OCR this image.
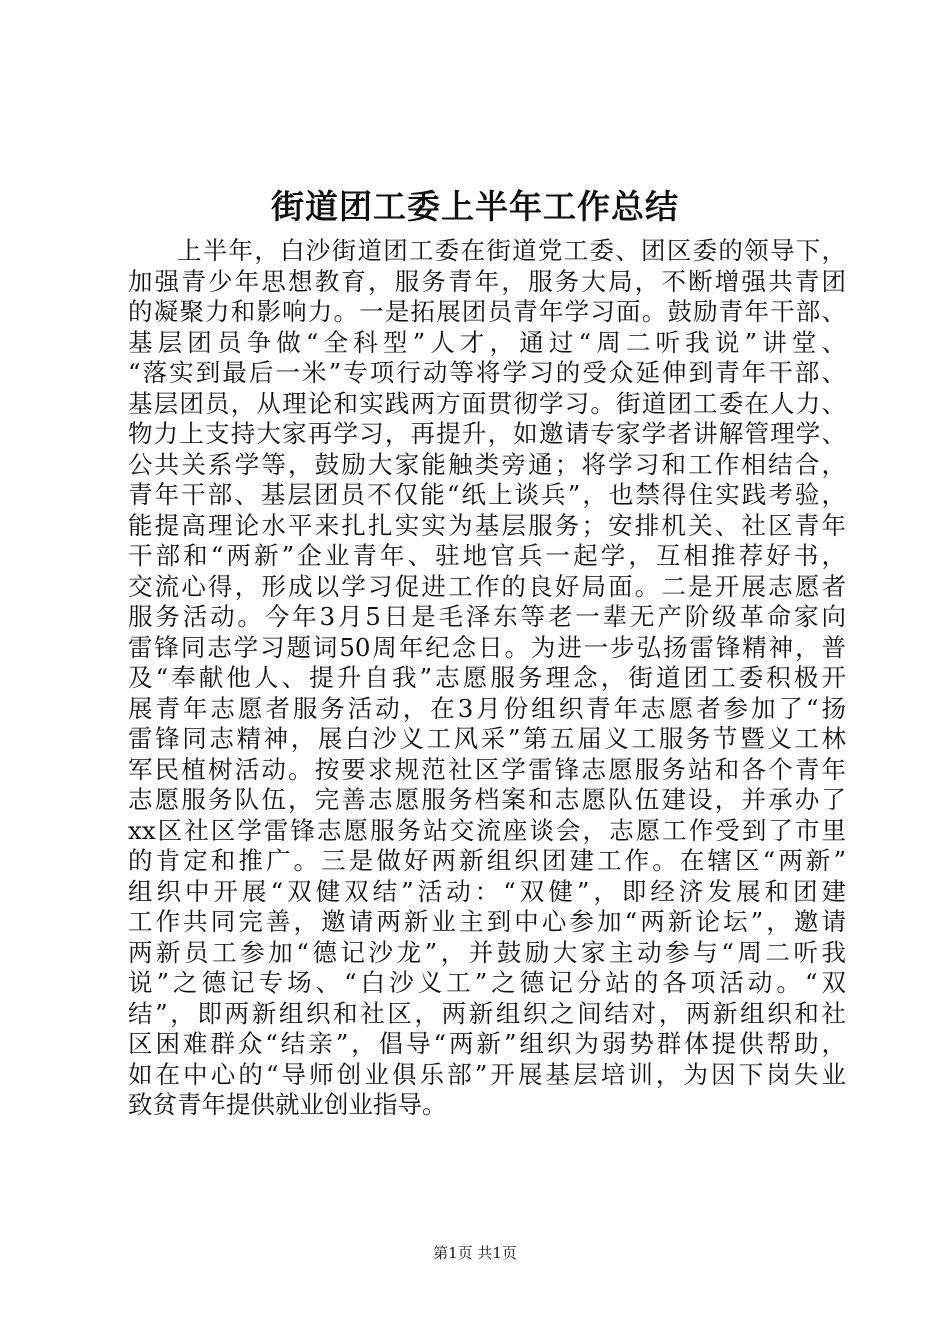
街道团工委上半年工作总结
上半年，白沙街道团工委在街道党工委、团区委的领导下，
加强青少年思想教育，服务青年，服务大局，不断增强共青团
的凝聚力和影响力。一是拓展团员青年学习面。鼓励青年干部、
基层团员争做“全科型”人才，通过“周二听我说”讲堂、
“落实到最后一米”专项行动等将学习的受众延伸到青年干部、
基层团员，从理论和实践两方面贯彻学习。街道团工委在人力、
物力上支持大家再学习，再提升，如邀请专家学者讲解管理学、
公共关系学等，鼓励大家能触类旁通；将学习和工作相结合，
青年干部、基层团员不仅能“纸上谈兵”，也禁得住实践考验，
能提高理论水平来扎扎实实为基层服务；安排机关、社区青年
干部和“两新”企业青年、驻地官兵一起学，互相推荐好书，
交流心得，形成以学习促进工作的良好局面。二是开展志愿者
服务活动。今年3月5日是毛泽东等老一辈无产阶级革命家向
雷锋同志学习题词50周年纪念日。为进一步弘扬雷锋精神，普
及“奉献他人、提升自我”志愿服务理念，街道团工委积极开
展青年志愿者服务活动，在3月份组织青年志愿者参加了“扬
雷锋同志精神，展白沙义工风采”第五届义工服务节暨义工林
军民植树活动。按要求规范社区学雷锋志愿服务站和各个青年
志愿服务队伍，完善志愿服务档案和志愿队伍建设，并承办了
xx区社区学雷锋志愿服务站交流座谈会，志愿工作受到了市里
的肯定和推广。三是做好两新组织团建工作。在辖区“两新”
组织中开展“双健双结”活动：“双健”，即经济发展和团建
工作共同完善，邀请两新业主到中心参加“两新论坛”，邀请
两新员工参加“德记沙龙”，并鼓励大家主动参与“周二听我
说”之德记专场、“白沙义工”之德记分站的各项活动。“双
结”，即两新组织和社区，两新组织之间结对，两新组织和社
区困难群众“结亲”，倡导“两新”组织为弱势群体提供帮助，
如在中心的“导师创业俱乐部”开展基层培训，为因下岗失业
致贫青年提供就业创业指导。
第1页 共1页
